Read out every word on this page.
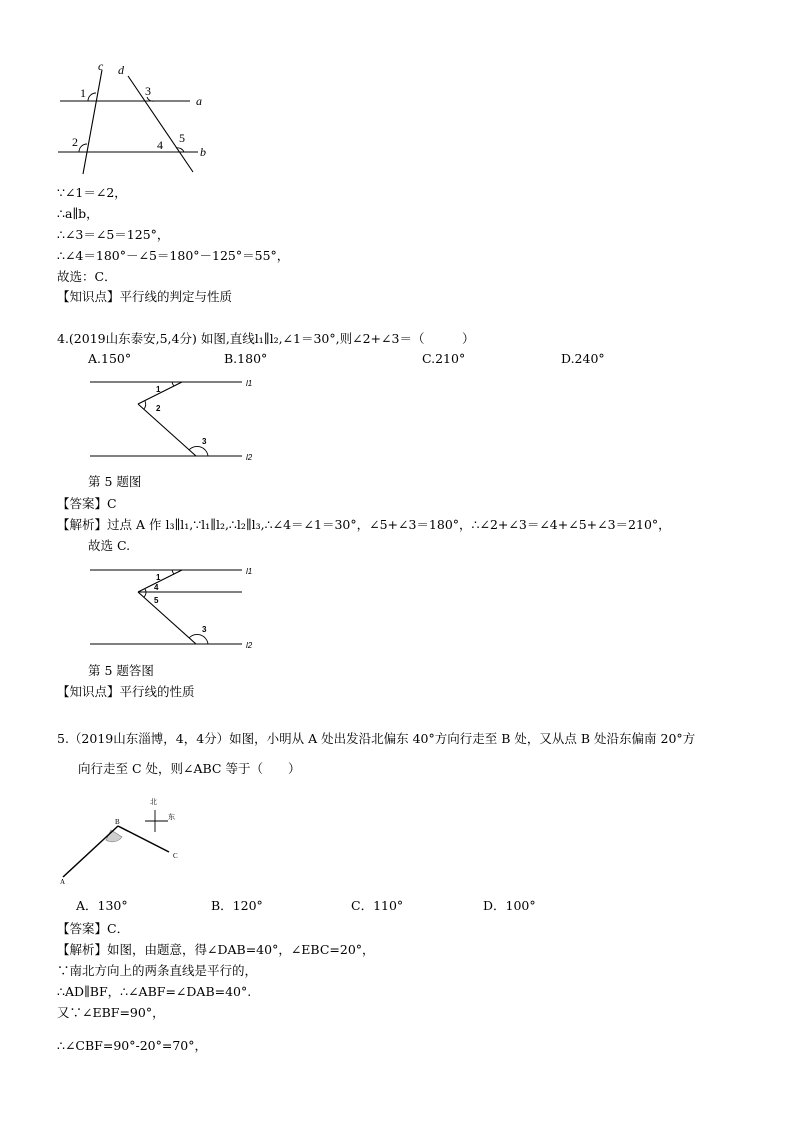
c d
a
b
1
2
3
4 5
∵∠1＝∠2，
∴a∥b，
∴∠3＝∠5＝125°，
∴∠4＝180°－∠5＝180°－125°＝55°，
故选：C．
【知识点】平行线的判定与性质
4.(2019山东泰安,5,4分) 如图,直线l₁∥l₂,∠1＝30°,则∠2+∠3＝（　　　）
A.150°	B.180°	C.210°	D.240°
l1
l2
1
2
3
第 5 题图
【答案】C
【解析】过点 A 作 l₃∥l₁,∵l₁∥l₂,∴l₂∥l₃,∴∠4＝∠1＝30°，∠5+∠3＝180°，∴∠2+∠3＝∠4+∠5+∠3＝210°，
故选 C.
l1
l2
1
4
5
3
第 5 题答图
【知识点】平行线的性质
5.（2019山东淄博，4，4分）如图，小明从 A 处出发沿北偏东 40°方向行走至 B 处，又从点 B 处沿东偏南 20°方
向行走至 C 处，则∠ABC 等于（　　）
北
东
A
B
C
A．130°	B．120°	C．110°	D．100°
【答案】C．
【解析】如图，由题意，得∠DAB=40°，∠EBC=20°，
∵南北方向上的两条直线是平行的，
∴AD∥BF，∴∠ABF=∠DAB=40°.
又∵∠EBF=90°，
∴∠CBF=90°-20°=70°，
